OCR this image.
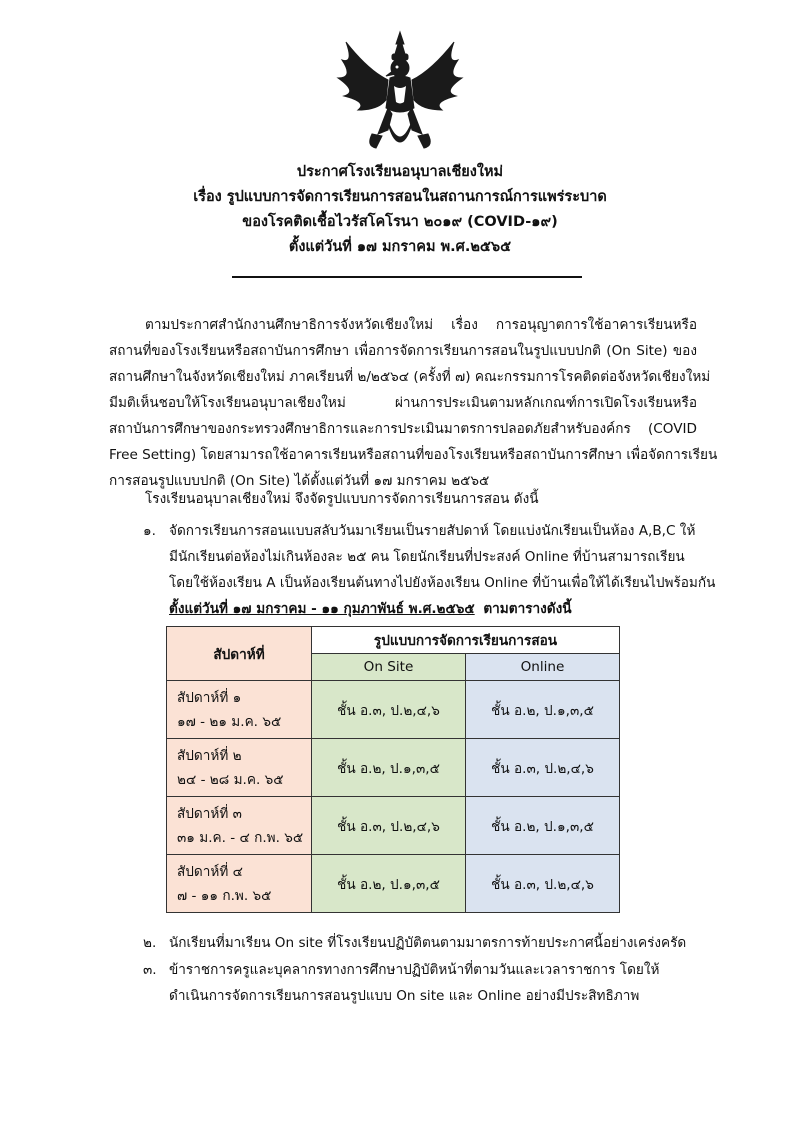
ประกาศโรงเรียนอนุบาลเชียงใหม่
เรื่อง รูปแบบการจัดการเรียนการสอนในสถานการณ์การแพร่ระบาด
ของโรคติดเชื้อไวรัสโคโรนา ๒๐๑๙ (COVID-๑๙)
ตั้งแต่วันที่ ๑๗ มกราคม พ.ศ.๒๕๖๕
ตามประกาศสำนักงานศึกษาธิการจังหวัดเชียงใหม่ เรื่อง การอนุญาตการใช้อาคารเรียนหรือ
สถานที่ของโรงเรียนหรือสถาบันการศึกษา เพื่อการจัดการเรียนการสอนในรูปแบบปกติ (On Site) ของ
สถานศึกษาในจังหวัดเชียงใหม่ ภาคเรียนที่ ๒/๒๕๖๔ (ครั้งที่ ๗) คณะกรรมการโรคติดต่อจังหวัดเชียงใหม่
มีมติเห็นชอบให้โรงเรียนอนุบาลเชียงใหม่ ผ่านการประเมินตามหลักเกณฑ์การเปิดโรงเรียนหรือ
สถาบันการศึกษาของกระทรวงศึกษาธิการและการประเมินมาตรการปลอดภัยสำหรับองค์กร (COVID
Free Setting) โดยสามารถใช้อาคารเรียนหรือสถานที่ของโรงเรียนหรือสถาบันการศึกษา เพื่อจัดการเรียน
การสอนรูปแบบปกติ (On Site) ได้ตั้งแต่วันที่ ๑๗ มกราคม ๒๕๖๕
โรงเรียนอนุบาลเชียงใหม่ จึงจัดรูปแบบการจัดการเรียนการสอน ดังนี้
๑. จัดการเรียนการสอนแบบสลับวันมาเรียนเป็นรายสัปดาห์ โดยแบ่งนักเรียนเป็นห้อง A,B,C ให้
มีนักเรียนต่อห้องไม่เกินห้องละ ๒๕ คน โดยนักเรียนที่ประสงค์ Online ที่บ้านสามารถเรียน
โดยใช้ห้องเรียน A เป็นห้องเรียนต้นทางไปยังห้องเรียน Online ที่บ้านเพื่อให้ได้เรียนไปพร้อมกัน
ตั้งแต่วันที่ ๑๗ มกราคม - ๑๑ กุมภาพันธ์ พ.ศ.๒๕๖๕ ตามตารางดังนี้
สัปดาห์ที่	รูปแบบการจัดการเรียนการสอน	
	On Site	Online

สัปดาห์ที่ ๑
๑๗ - ๒๑ ม.ค. ๖๕	ชั้น อ.๓, ป.๒,๔,๖	ชั้น อ.๒, ป.๑,๓,๕

สัปดาห์ที่ ๒
๒๔ - ๒๘ ม.ค. ๖๕	ชั้น อ.๒, ป.๑,๓,๕	ชั้น อ.๓, ป.๒,๔,๖

สัปดาห์ที่ ๓
๓๑ ม.ค. - ๔ ก.พ. ๖๕	ชั้น อ.๓, ป.๒,๔,๖	ชั้น อ.๒, ป.๑,๓,๕

สัปดาห์ที่ ๔
๗ - ๑๑ ก.พ. ๖๕	ชั้น อ.๒, ป.๑,๓,๕	ชั้น อ.๓, ป.๒,๔,๖
๒. นักเรียนที่มาเรียน On site ที่โรงเรียนปฏิบัติตนตามมาตรการท้ายประกาศนี้อย่างเคร่งครัด
๓. ข้าราชการครูและบุคลากรทางการศึกษาปฏิบัติหน้าที่ตามวันและเวลาราชการ โดยให้
ดำเนินการจัดการเรียนการสอนรูปแบบ On site และ Online อย่างมีประสิทธิภาพ
